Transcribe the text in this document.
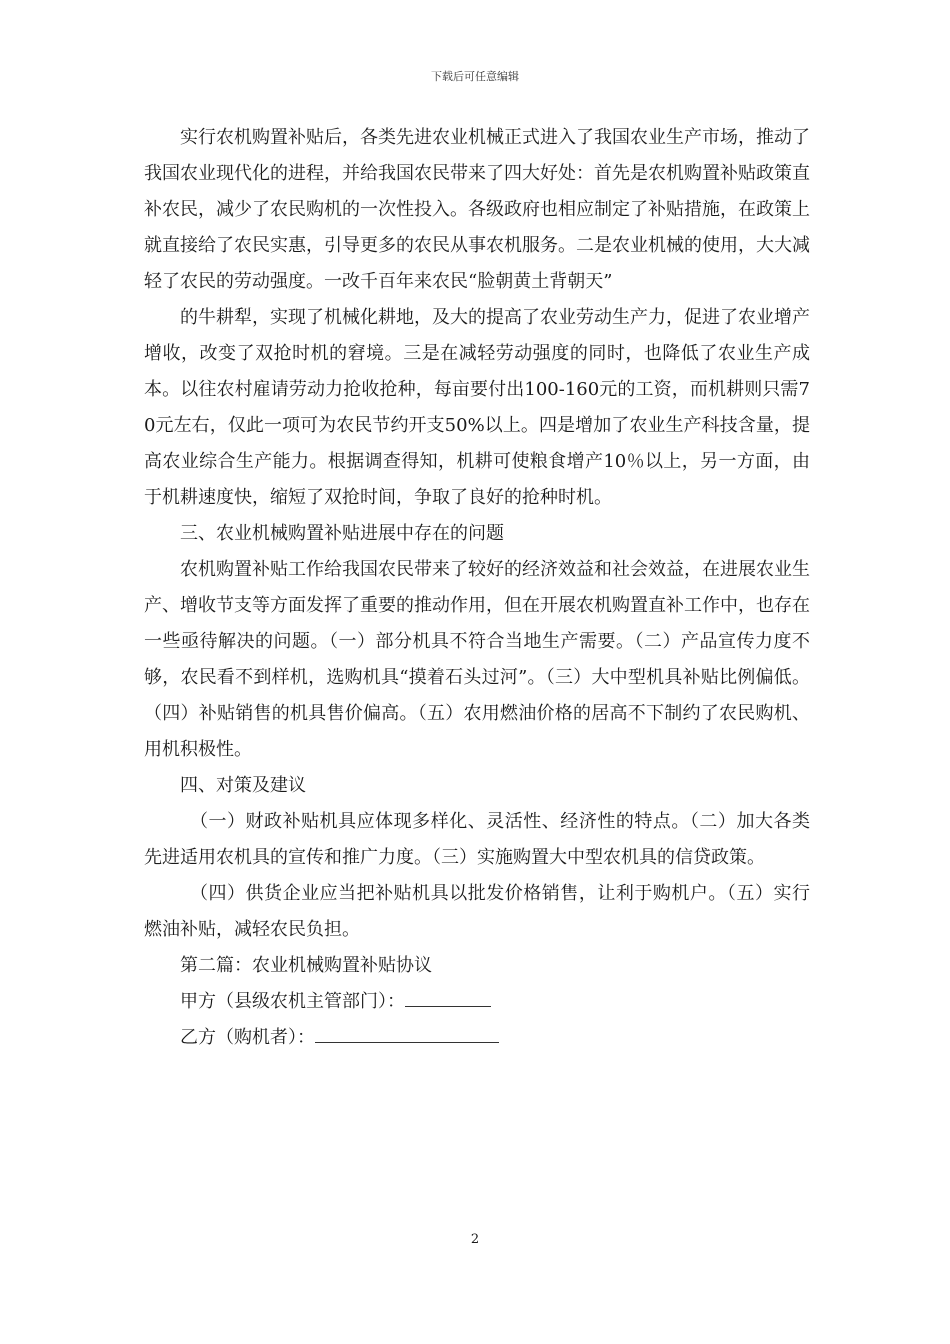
下载后可任意编辑

实行农机购置补贴后，各类先进农业机械正式进入了我国农业生产市场，推动了我国农业现代化的进程，并给我国农民带来了四大好处：首先是农机购置补贴政策直补农民，减少了农民购机的一次性投入。各级政府也相应制定了补贴措施，在政策上就直接给了农民实惠，引导更多的农民从事农机服务。二是农业机械的使用，大大减轻了农民的劳动强度。一改千百年来农民“脸朝黄土背朝天”

的牛耕犁，实现了机械化耕地，及大的提高了农业劳动生产力，促进了农业增产增收，改变了双抢时机的窘境。三是在减轻劳动强度的同时，也降低了农业生产成本。以往农村雇请劳动力抢收抢种，每亩要付出100-160元的工资，而机耕则只需70元左右，仅此一项可为农民节约开支50%以上。四是增加了农业生产科技含量，提高农业综合生产能力。根据调查得知，机耕可使粮食增产10％以上，另一方面，由于机耕速度快，缩短了双抢时间，争取了良好的抢种时机。

三、农业机械购置补贴进展中存在的问题

农机购置补贴工作给我国农民带来了较好的经济效益和社会效益，在进展农业生产、增收节支等方面发挥了重要的推动作用，但在开展农机购置直补工作中，也存在一些亟待解决的问题。（一）部分机具不符合当地生产需要。（二）产品宣传力度不够，农民看不到样机，选购机具“摸着石头过河”。（三）大中型机具补贴比例偏低。（四）补贴销售的机具售价偏高。（五）农用燃油价格的居高不下制约了农民购机、用机积极性。

四、对策及建议

（一）财政补贴机具应体现多样化、灵活性、经济性的特点。（二）加大各类先进适用农机具的宣传和推广力度。（三）实施购置大中型农机具的信贷政策。

（四）供货企业应当把补贴机具以批发价格销售，让利于购机户。（五）实行燃油补贴，减轻农民负担。

第二篇：农业机械购置补贴协议

甲方（县级农机主管部门）：

乙方（购机者）：

2
